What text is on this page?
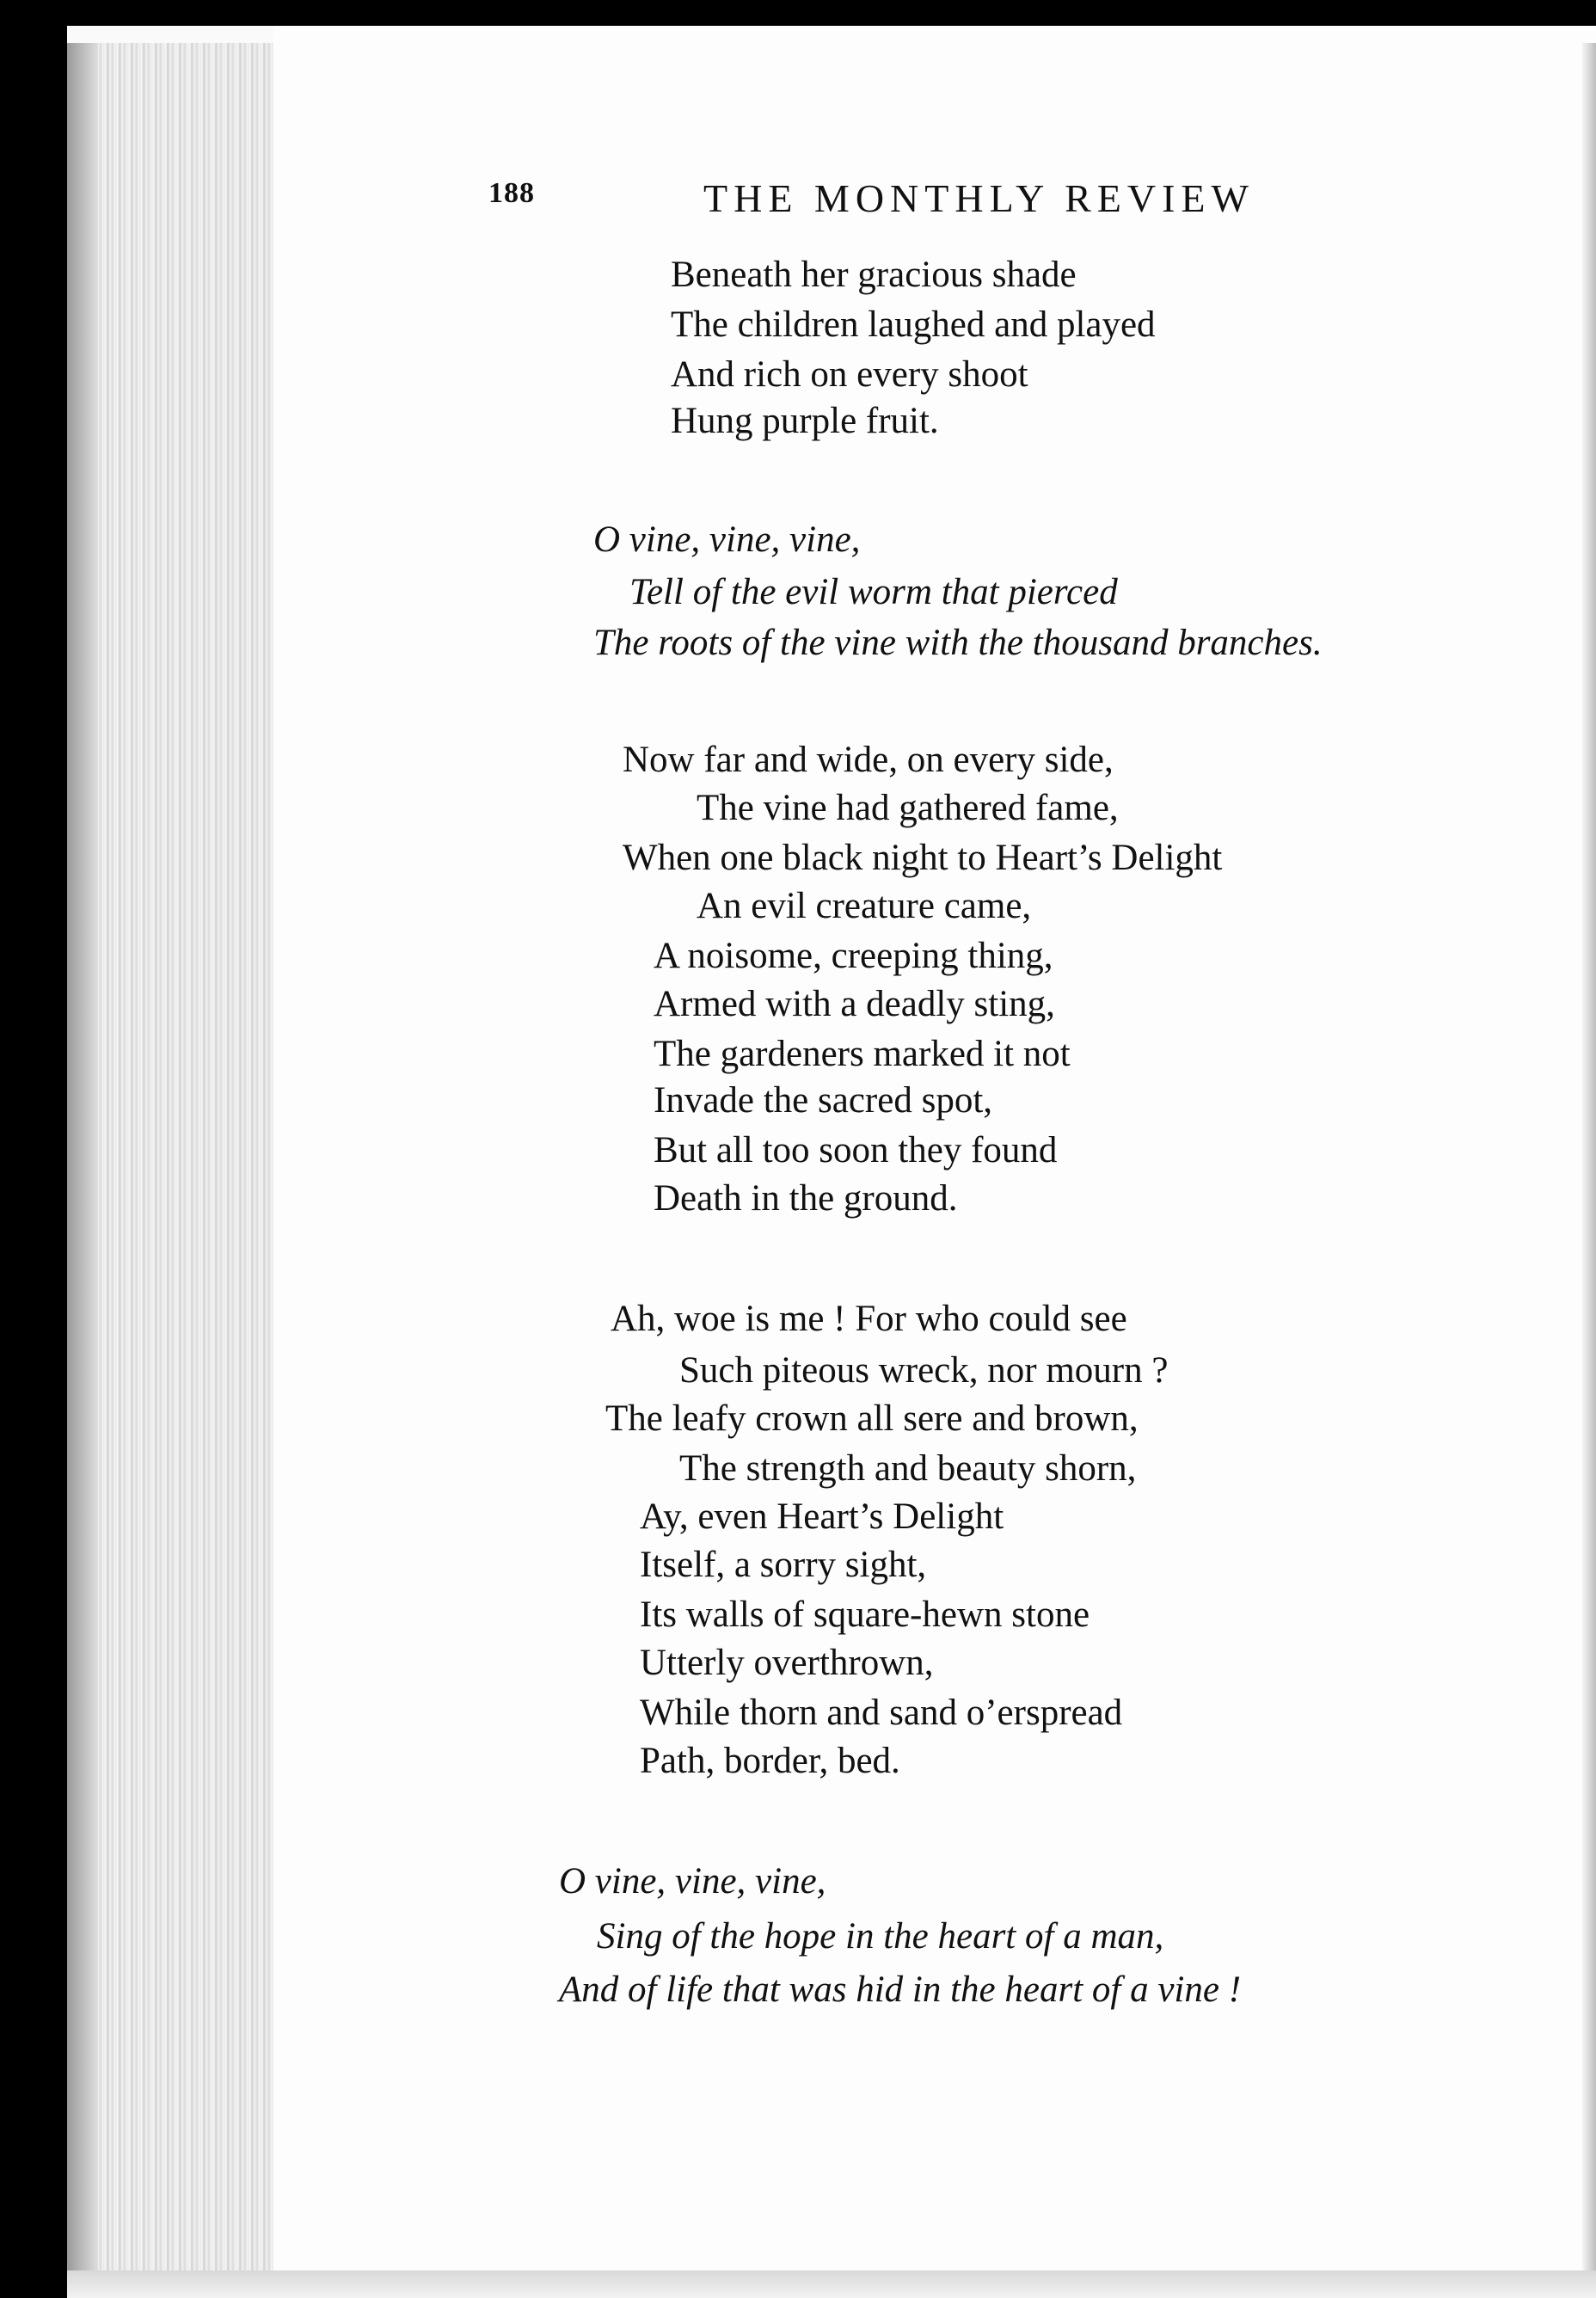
188	THE MONTHLY REVIEW
Beneath her gracious shade
The children laughed and played
And rich on every shoot
Hung purple fruit.
O vine, vine, vine,
Tell of the evil worm that pierced
The roots of the vine with the thousand branches.
Now far and wide, on every side,
The vine had gathered fame,
When one black night to Heart’s Delight
An evil creature came,
A noisome, creeping thing,
Armed with a deadly sting,
The gardeners marked it not
Invade the sacred spot,
But all too soon they found
Death in the ground.
Ah, woe is me ! For who could see
Such piteous wreck, nor mourn ?
The leafy crown all sere and brown,
The strength and beauty shorn,
Ay, even Heart’s Delight
Itself, a sorry sight,
Its walls of square-hewn stone
Utterly overthrown,
While thorn and sand o’erspread
Path, border, bed.
O vine, vine, vine,
Sing of the hope in the heart of a man,
And of life that was hid in the heart of a vine !
